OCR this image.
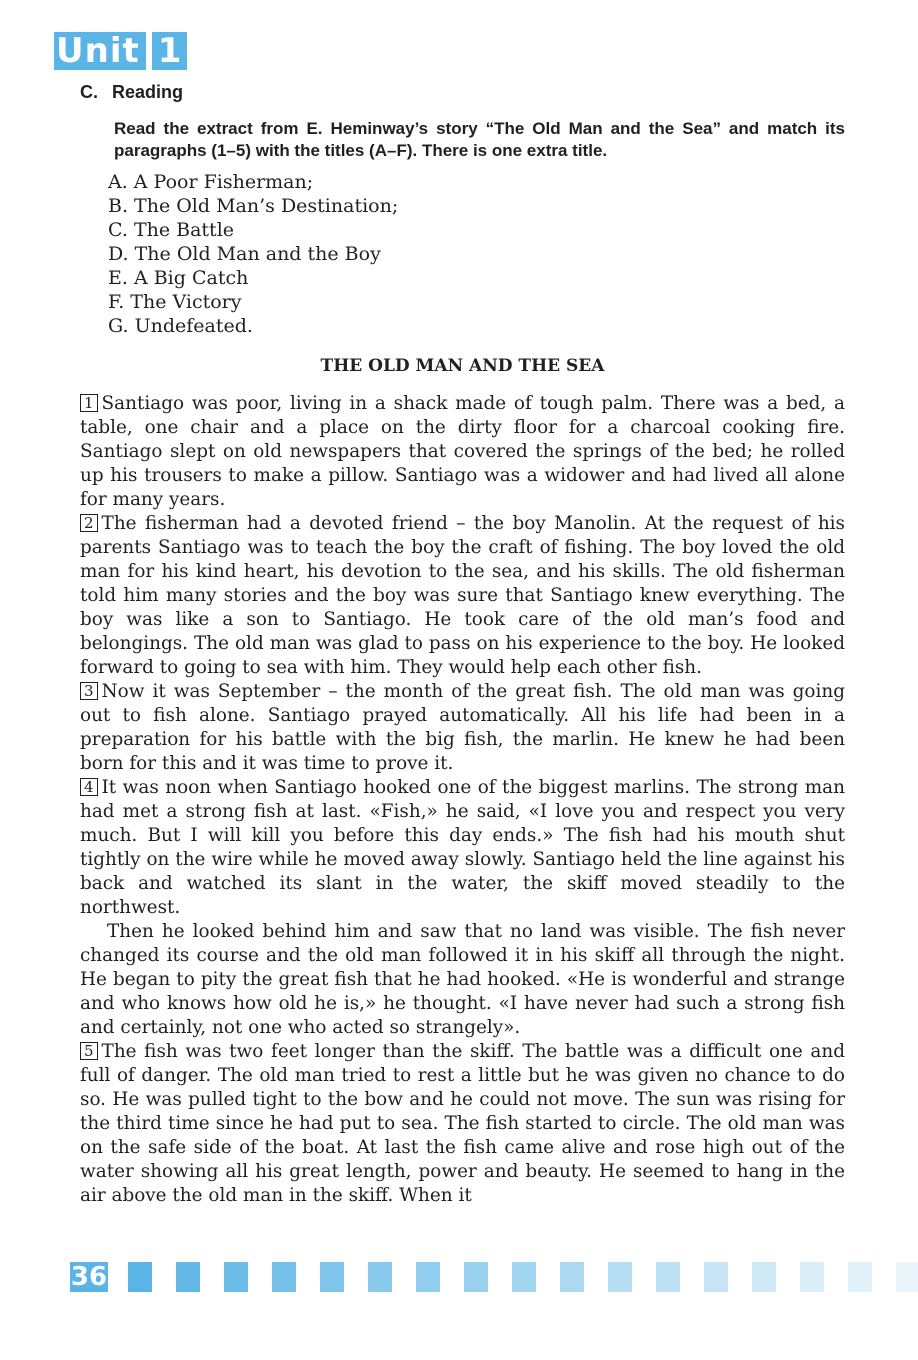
Unit 1
C. Reading
Read the extract from E. Heminway’s story “The Old Man and the Sea” and match its paragraphs (1–5) with the titles (A–F). There is one extra title.
A. A Poor Fisherman;
B. The Old Man’s Destination;
C. The Battle
D. The Old Man and the Boy
E. A Big Catch
F. The Victory
G. Undefeated.
THE OLD MAN AND THE SEA
1 Santiago was poor, living in a shack made of tough palm. There was a bed, a table, one chair and a place on the dirty floor for a charcoal cooking fire. Santiago slept on old newspapers that covered the springs of the bed; he rolled up his trousers to make a pillow. Santiago was a widower and had lived all alone for many years.
2 The fisherman had a devoted friend – the boy Manolin. At the request of his parents Santiago was to teach the boy the craft of fishing. The boy loved the old man for his kind heart, his devotion to the sea, and his skills. The old fisherman told him many stories and the boy was sure that Santiago knew everything. The boy was like a son to Santiago. He took care of the old man’s food and belongings. The old man was glad to pass on his experience to the boy. He looked forward to going to sea with him. They would help each other fish.
3 Now it was September – the month of the great fish. The old man was going out to fish alone. Santiago prayed automatically. All his life had been in a preparation for his battle with the big fish, the marlin. He knew he had been born for this and it was time to prove it.
4 It was noon when Santiago hooked one of the biggest marlins. The strong man had met a strong fish at last. «Fish,» he said, «I love you and respect you very much. But I will kill you before this day ends.» The fish had his mouth shut tightly on the wire while he moved away slowly. Santiago held the line against his back and watched its slant in the water, the skiff moved steadily to the northwest.
Then he looked behind him and saw that no land was visible. The fish never changed its course and the old man followed it in his skiff all through the night. He began to pity the great fish that he had hooked. «He is wonderful and strange and who knows how old he is,» he thought. «I have never had such a strong fish and certainly, not one who acted so strangely».
5 The fish was two feet longer than the skiff. The battle was a difficult one and full of danger. The old man tried to rest a little but he was given no chance to do so. He was pulled tight to the bow and he could not move. The sun was rising for the third time since he had put to sea. The fish started to circle. The old man was on the safe side of the boat. At last the fish came alive and rose high out of the water showing all his great length, power and beauty. He seemed to hang in the air above the old man in the skiff. When it
36
